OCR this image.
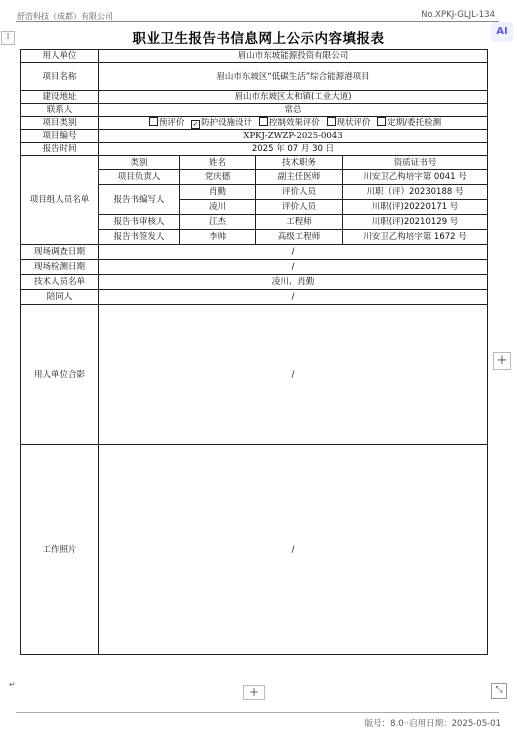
舒浩科技（成都）有限公司	No.XPKJ-GLJL-134
⁞	AI
职业卫生报告书信息网上公示内容填报表
用人单位	眉山市东坡能源投资有限公司			
项目名称	眉山市东坡区“低碳生活”综合能源港项目			
建设地址	眉山市东坡区太和镇(工业大道)			
联系人	常总			
项目类别	预评价 ✓ 防护设施设计 控制效果评价 现状评价 定期/委托检测			
项目编号	XPKJ-ZWZP-2025-0043			
报告时间	2025 年 07 月 30 日			
项目组人员名单	类别	姓名	技术职务	资质证书号
	项目负责人	党庆德	副主任医师	川安卫乙构培字第 0041 号
	报告书编写人	肖勤	评价人员	川职（评）20230188 号
		凌川	评价人员	川职(评)20220171 号
	报告书审核人	江杰	工程师	川职(评)20210129 号
	报告书签发人	李帅	高级工程师	川安卫乙构培字第 1672 号
现场调查日期	/			
现场检测日期	/			
技术人员名单	凌川、肖勤			
陪同人	/			
用人单位合影	/			
工作照片	/			
+
↵
+	⤡
版号：8.0··启用日期：2025-05-01
